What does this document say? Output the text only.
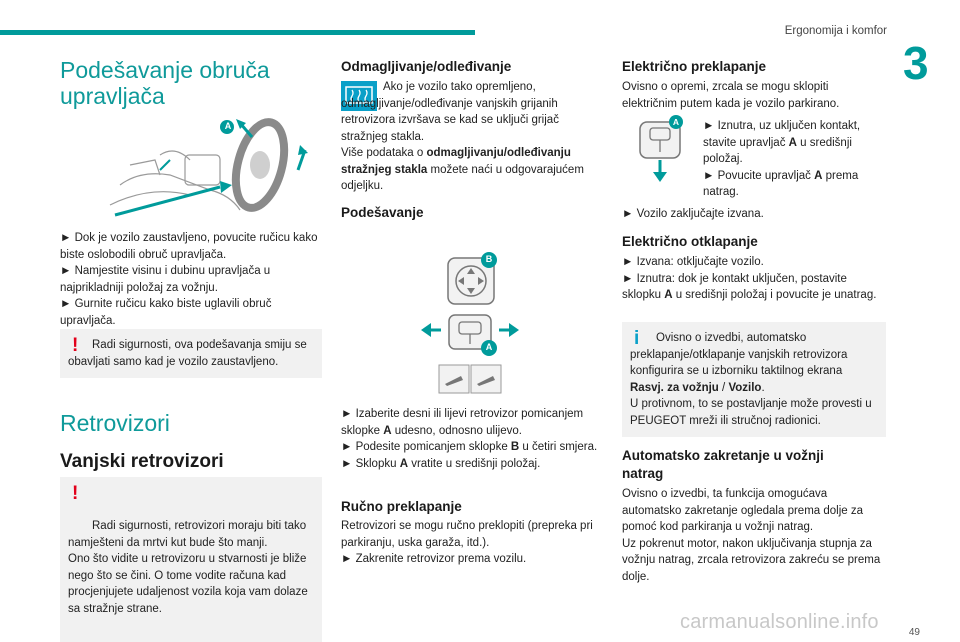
Ergonomija i komfor
3
Podešavanje obruča upravljača
A
► Dok je vozilo zaustavljeno, povucite ručicu kako biste oslobodili obruč upravljača.
► Namjestite visinu i dubinu upravljača u najprikladniji položaj za vožnju.
► Gurnite ručicu kako biste uglavili obruč upravljača.
!	Radi sigurnosti, ova podešavanja smiju se obavljati samo kad je vozilo zaustavljeno.
Retrovizori
Vanjski retrovizori

!

Radi sigurnosti, retrovizori moraju biti tako namješteni da mrtvi kut bude što manji.
Ono što vidite u retrovizoru u stvarnosti je bliže nego što se čini. O tome vodite računa kad procjenjujete udaljenost vozila koja vam dolaze sa stražnje strane.

Odmagljivanje/odleđivanje
Ako je vozilo tako opremljeno, odmagljivanje/odleđivanje vanjskih grijanih retrovizora izvršava se kad se uključi grijač stražnjeg stakla.
Više podataka o odmagljivanju/odleđivanju stražnjeg stakla možete naći u odgovarajućem odjeljku.
Podešavanje
B
A
► Izaberite desni ili lijevi retrovizor pomicanjem sklopke A udesno, odnosno ulijevo.
► Podesite pomicanjem sklopke B u četiri smjera.
► Sklopku A vratite u središnji položaj.
Ručno preklapanje
Retrovizori se mogu ručno preklopiti (prepreka pri parkiranju, uska garaža, itd.).
► Zakrenite retrovizor prema vozilu.
Električno preklapanje
Ovisno o opremi, zrcala se mogu sklopiti električnim putem kada je vozilo parkirano.
A ► Iznutra, uz uključen kontakt, stavite upravljač A u središnji položaj.
► Povucite upravljač A prema natrag.
► Vozilo zaključajte izvana.
Električno otklapanje
► Izvana: otključajte vozilo.
► Iznutra: dok je kontakt uključen, postavite sklopku A u središnji položaj i povucite je unatrag.
i	Ovisno o izvedbi, automatsko preklapanje/otklapanje vanjskih retrovizora konfigurira se u izborniku taktilnog ekrana Rasvj. za vožnju / Vozilo.
U protivnom, to se postavljanje može provesti u PEUGEOT mreži ili stručnoj radionici.
Automatsko zakretanje u vožnji natrag
Ovisno o izvedbi, ta funkcija omogućava automatsko zakretanje ogledala prema dolje za pomoć kod parkiranja u vožnji natrag.
Uz pokrenut motor, nakon uključivanja stupnja za vožnju natrag, zrcala retrovizora zakreću se prema dolje.
carmanualsonline.info	49
